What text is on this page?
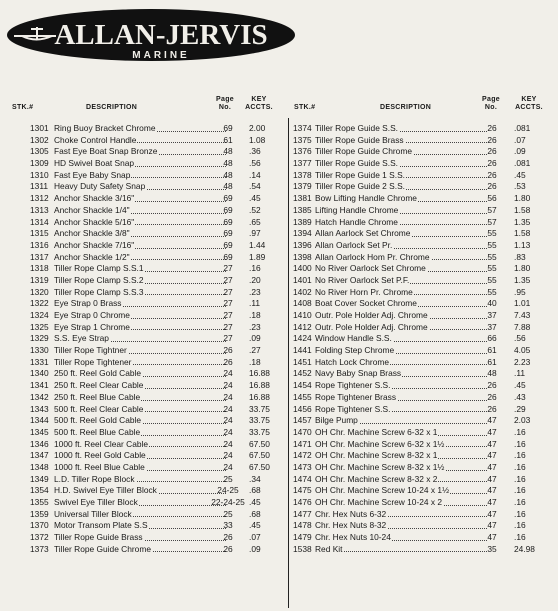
ALLAN-JERVIS
MARINE
STK.#	DESCRIPTION
Page
No.
KEY
ACCTS.	STK.#	DESCRIPTION
Page
No.
KEY
ACCTS.
1301 Ring Buoy Bracket Chrome	69	2.00
1302 Choke Control Handle	61	1.08
1305 Fast Eye Boat Snap Bronze	48	.36
1309 HD Swivel Boat Snap	48	.56
1310 Fast Eye Baby Snap	48	.14
1311 Heavy Duty Safety Snap	48	.54
1312 Anchor Shackle 3/16"	69	.45
1313 Anchor Shackle 1/4"	69	.52
1314 Anchor Shackle 5/16"	69	.65
1315 Anchor Shackle 3/8"	69	.97
1316 Anchor Shackle 7/16"	69	1.44
1317 Anchor Shackle 1/2"	69	1.89
1318 Tiller Rope Clamp S.S.1	27	.16
1319 Tiller Rope Clamp S.S.2	27	.20
1320 Tiller Rope Clamp S.S.3	27	.23
1322 Eye Strap 0 Brass	27	.11
1324 Eye Strap 0 Chrome	27	.18
1325 Eye Strap 1 Chrome	27	.23
1329 S.S. Eye Strap	27	.09
1330 Tiller Rope Tightner	26	.27
1331 Tiller Rope Tightener	26	.18
1340 250 ft. Reel Gold Cable	24	16.88
1341 250 ft. Reel Clear Cable	24	16.88
1342 250 ft. Reel Blue Cable	24	16.88
1343 500 ft. Reel Clear Cable	24	33.75
1344 500 ft. Reel Gold Cable	24	33.75
1345 500 ft. Reel Blue Cable	24	33.75
1346 1000 ft. Reel Clear Cable	24	67.50
1347 1000 ft. Reel Gold Cable	24	67.50
1348 1000 ft. Reel Blue Cable	24	67.50
1349 L.D. Tiller Rope Block	25	.34
1354 H.D. Swivel Eye Tiller Block	24-25	.68
1355 Swivel Eye Tiller Block	22-24-25 .45
1359 Universal Tiller Block	25	.68
1370 Motor Transom Plate S.S	33	.45
1372 Tiller Rope Guide Brass	26	.07
1373 Tiller Rope Guide Chrome	26	.09
1374 Tiller Rope Guide S.S.	26	.081
1375 Tiller Rope Guide Brass	26	.07
1376 Tiller Rope Guide Chrome	26	.09
1377 Tiller Rope Guide S.S.	26	.081
1378 Tiller Rope Guide 1 S.S.	26	.45
1379 Tiller Rope Guide 2 S.S.	26	.53
1381 Bow Lifting Handle Chrome	56	1.80
1385 Lifting Handle Chrome	57	1.58
1389 Hatch Handle Chrome	57	1.35
1394 Allan Aarlock Set Chrome	55	1.58
1396 Allan Oarlock Set Pr.	55	1.13
1398 Allan Oarlock Hom Pr. Chrome	55	.83
1400 No River Oarlock Set Chrome	55	1.80
1401 No River Oarlock Set P.F.	55	1.35
1402 No River Horn Pr. Chrome	55	.95
1408 Boat Cover Socket Chrome	40	1.01
1410 Outr. Pole Holder Adj. Chrome	37	7.43
1412 Outr. Pole Holder Adj. Chrome	37	7.88
1424 Window Handle S.S.	66	.56
1441 Folding Step Chrome	61	4.05
1451 Hatch Lock Chrome	61	2.23
1452 Navy Baby Snap Brass	48	.11
1454 Rope Tightener S.S.	26	.45
1455 Rope Tightener Brass	26	.43
1456 Rope Tightener S.S.	26	.29
1457 Bilge Pump	47	2.03
1470 OH Chr. Machine Screw 6-32 x 1	47	.16
1471 OH Chr. Machine Screw 6-32 x 1½	47	.16
1472 OH Chr. Machine Screw 8-32 x 1	47	.16
1473 OH Chr. Machine Screw 8-32 x 1½	47	.16
1474 OH Chr. Machine Screw 8-32 x 2	47	.16
1475 OH Chr. Machine Screw 10-24 x 1½	47	.16
1476 OH Chr. Machine Screw 10-24 x 2	47	.16
1477 Chr. Hex Nuts 6-32	47	.16
1478 Chr. Hex Nuts 8-32	47	.16
1479 Chr. Hex Nuts 10-24	47	.16
1538 Red Kit	35	24.98
